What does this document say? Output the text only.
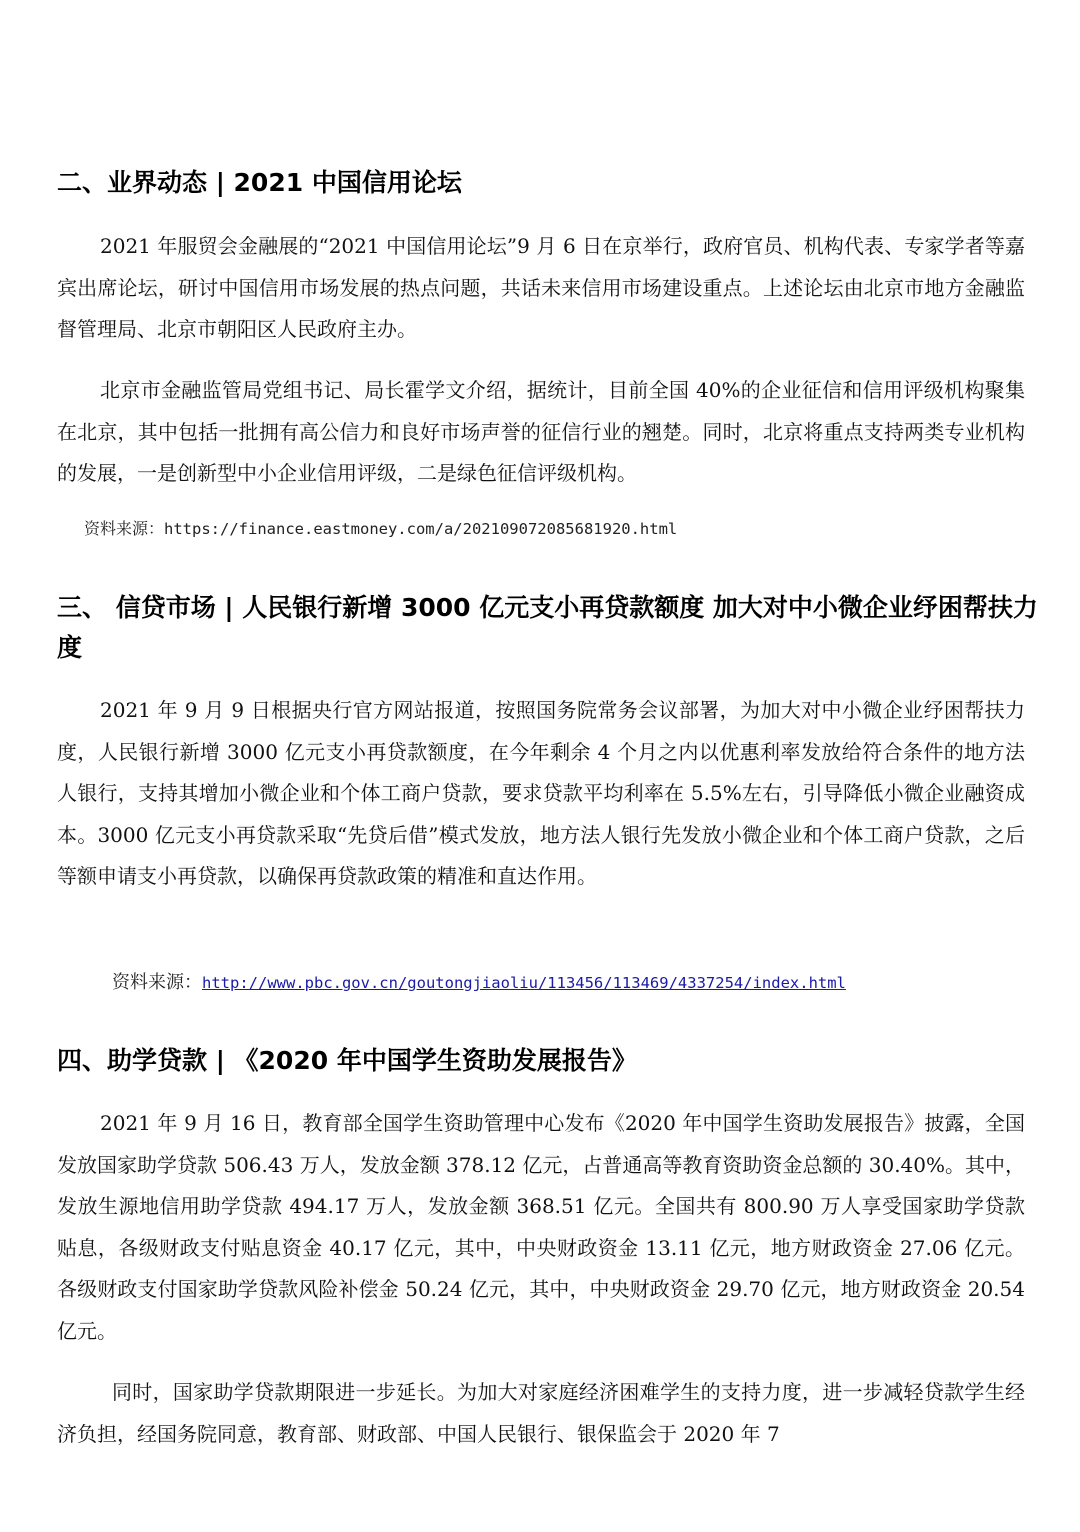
二、业界动态 | 2021 中国信用论坛

2021 年服贸会金融展的“2021 中国信用论坛”9 月 6 日在京举行，政府官员、机构代表、专家学者等嘉宾出席论坛，研讨中国信用市场发展的热点问题，共话未来信用市场建设重点。上述论坛由北京市地方金融监督管理局、北京市朝阳区人民政府主办。

北京市金融监管局党组书记、局长霍学文介绍，据统计，目前全国 40%的企业征信和信用评级机构聚集在北京，其中包括一批拥有高公信力和良好市场声誉的征信行业的翘楚。同时，北京将重点支持两类专业机构的发展，一是创新型中小企业信用评级，二是绿色征信评级机构。

资料来源：https://finance.eastmoney.com/a/202109072085681920.html
三、 信贷市场 | 人民银行新增 3000 亿元支小再贷款额度 加大对中小微企业纾困帮扶力度

2021 年 9 月 9 日根据央行官方网站报道，按照国务院常务会议部署，为加大对中小微企业纾困帮扶力度，人民银行新增 3000 亿元支小再贷款额度，在今年剩余 4 个月之内以优惠利率发放给符合条件的地方法人银行，支持其增加小微企业和个体工商户贷款，要求贷款平均利率在 5.5%左右，引导降低小微企业融资成本。3000 亿元支小再贷款采取“先贷后借”模式发放，地方法人银行先发放小微企业和个体工商户贷款，之后等额申请支小再贷款，以确保再贷款政策的精准和直达作用。

资料来源：http://www.pbc.gov.cn/goutongjiaoliu/113456/113469/4337254/index.html
四、助学贷款 | 《2020 年中国学生资助发展报告》

2021 年 9 月 16 日，教育部全国学生资助管理中心发布《2020 年中国学生资助发展报告》披露，全国发放国家助学贷款 506.43 万人，发放金额 378.12 亿元，占普通高等教育资助资金总额的 30.40%。其中，发放生源地信用助学贷款 494.17 万人，发放金额 368.51 亿元。全国共有 800.90 万人享受国家助学贷款贴息，各级财政支付贴息资金 40.17 亿元，其中，中央财政资金 13.11 亿元，地方财政资金 27.06 亿元。各级财政支付国家助学贷款风险补偿金 50.24 亿元，其中，中央财政资金 29.70 亿元，地方财政资金 20.54 亿元。

同时，国家助学贷款期限进一步延长。为加大对家庭经济困难学生的支持力度，进一步减轻贷款学生经济负担，经国务院同意，教育部、财政部、中国人民银行、银保监会于 2020 年 7
